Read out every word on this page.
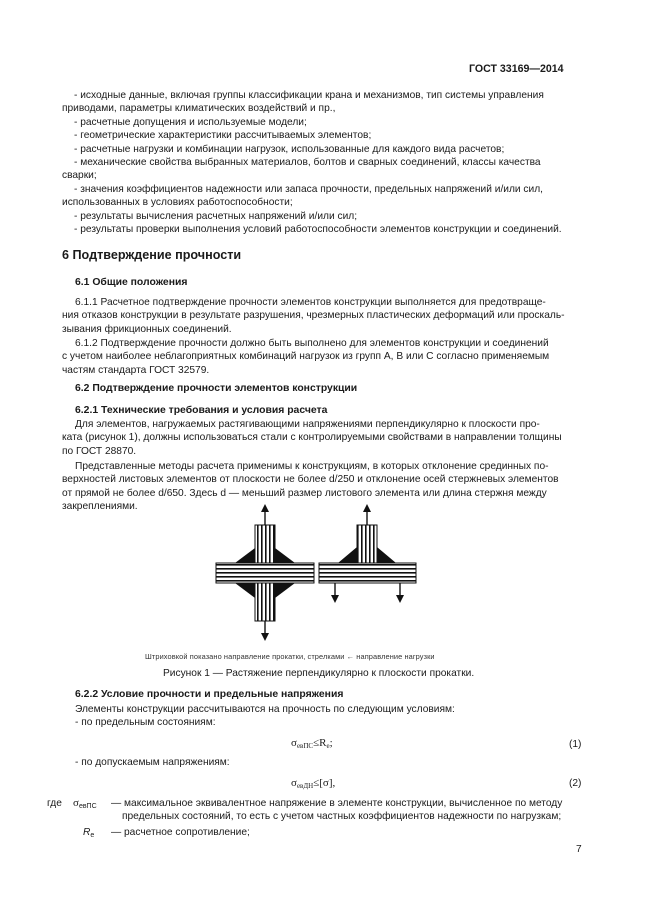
ГОСТ 33169—2014
- исходные данные, включая группы классификации крана и механизмов, тип системы управления
приводами, параметры климатических воздействий и пр.,
- расчетные допущения и используемые модели;
- геометрические характеристики рассчитываемых элементов;
- расчетные нагрузки и комбинации нагрузок, использованные для каждого вида расчетов;
- механические свойства выбранных материалов, болтов и сварных соединений, классы качества
сварки;
- значения коэффициентов надежности или запаса прочности, предельных напряжений и/или сил,
использованных в условиях работоспособности;
- результаты вычисления расчетных напряжений и/или сил;
- результаты проверки выполнения условий работоспособности элементов конструкции и соединений.
6 Подтверждение прочности
6.1 Общие положения
6.1.1 Расчетное подтверждение прочности элементов конструкции выполняется для предотвраще-
ния отказов конструкции в результате разрушения, чрезмерных пластических деформаций или проскаль-
зывания фрикционных соединений.
6.1.2 Подтверждение прочности должно быть выполнено для элементов конструкции и соединений
с учетом наиболее неблагоприятных комбинаций нагрузок из групп А, В или С согласно применяемым
частям стандарта ГОСТ 32579.
6.2 Подтверждение прочности элементов конструкции
6.2.1 Технические требования и условия расчета
Для элементов, нагружаемых растягивающими напряжениями перпендикулярно к плоскости про-
ката (рисунок 1), должны использоваться стали с контролируемыми свойствами в направлении толщины
по ГОСТ 28870.
Представленные методы расчета применимы к конструкциям, в которых отклонение срединных по-
верхностей листовых элементов от плоскости не более d/250 и отклонение осей стержневых элементов
от прямой не более d/650. Здесь d — меньший размер листового элемента или длина стержня между
закреплениями.
Штриховкой показано направление прокатки, стрелками ← направление нагрузки
Рисунок 1 — Растяжение перпендикулярно к плоскости прокатки.
6.2.2 Условие прочности и предельные напряжения
Элементы конструкции рассчитываются на прочность по следующим условиям:
- по предельным состояниям:
σeвПС≤Re;	(1)
- по допускаемым напряжениям:
σeвДН≤[σ],	(2)
где σeвПС — максимальное эквивалентное напряжение в элементе конструкции, вычисленное по методу
предельных состояний, то есть с учетом частных коэффициентов надежности по нагрузкам;
Re — расчетное сопротивление;
7
